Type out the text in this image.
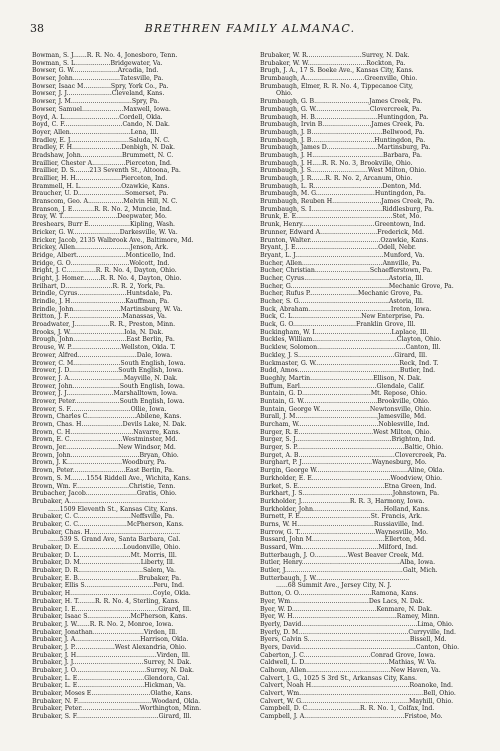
38	BRETHREN FAMILY ALMANAC.
Bowman, S. J.......R. R. No. 4, Jonesboro, Tenn.
Bowman, S. L..................Bridgewater, Va.
Bowser, G. W.......................Arcadia, Ind.
Bowser, John........................Tatesville, Pa.
Bowser, Isaac M..............Spry, York Co., Pa.
Bowser, J. J.......................Cleveland, Kans.
Bowser, J. M...............................Spry, Pa.
Bowser, Samuel.....................Maxwell, Iowa.
Boyd, A. L............................Cordell, Okla.
Boyd, C. F..............................Cando, N. Dak.
Boyer, Allen...............................Lena, Ill.
Bradley, E. J..............................Saluda, N. C.
Bradley, F. H.........................Denbigh, N. Dak.
Bradshaw, John.....................Brummett, N. C.
Braillier, Chester A.................Pierceton, Ind.
Braillier, D. S........213 Seventh St., Altoona, Pa.
Braillier, H. H.......................Pierceton, Ind.
Brammell, H. L.....................Ozawkie, Kans.
Braucher, U. D........................Somerset, Pa.
Branscom, Geo. A..................Melvin Hill, N. C.
Branson, J. E...........R. R. No. 2, Muncie, Ind.
Bray, W. T............................Deepwater, Mo.
Breshears, Burr E.....................Kipling, Wash.
Bricker, G. W........................Darkesville, W. Va.
Bricker, Jacob, 2135 Walbrook Ave., Baltimore, Md.
Brickey, Allen............................Jenson, Ark.
Bridge, Albert.........................Monticello, Ind.
Bridge, G. O..............................Wolcott, Ind.
Bright, J. C...............R. R. No. 4, Dayton, Ohio.
Bright, J. Homer.........R. R. No. 4, Dayton, Ohio.
Brilhart, D........................R. R. 2, York, Pa.
Brindle, Cyrus.........................Huntsdale, Pa.
Brindle, J. H............................Kauffman, Pa.
Brindle, John........................Martinsburg, W. Va.
Britton, J. F............................Manassas, Va.
Broadwater, J..................R. R., Preston, Minn.
Brooks, J. W............................Iola, N. Dak.
Brough, John...........................East Berlin, Pa.
Brouse, W. P..........................Wellston, Okla. T.
Brower, Alfred..............................Dale, Iowa.
Brower, C. M........................South English, Iowa.
Brower, J. D.........................South English, Iowa.
Brower, J. A............................Mayville, N. Dak.
Brower, John........................South English, Iowa.
Brower, J. J........................Marshalltown, Iowa.
Brower, Peter.......................South English, Iowa.
Brower, S. F...............................Ollie, Iowa.
Brown, Charles C.........................Abilene, Kans.
Brown, Chas. H.....................Devils Lake, N. Dak.
Brown, C. H................................Navarre, Kans.
Brown, E. C...........................Westminster, Md.
Brown, Jer...........................New Windsor, Md.
Brown, John...................................Bryan, Ohio.
Brown, J. K............................Woodbury, Pa.
Brown, Peter...........................East Berlin, Pa.
Brown, S. M........1554 Riddell Ave., Wichita, Kans.
Brown, Wm. F...........................Christie, Tenn.
Brubacher, Jacob..........................Gratis, Ohio.
Brubaker, A..................................................
......1509 Eleventh St., Kansas City, Kans.
Brubaker, C. C...........................Neffsville, Pa.
Brubaker, C. C.........................McPherson, Kans.
Brubaker, Chas. H..............................................
......539 S. Grand Ave, Santa Barbara, Cal.
Brubaker, D. E.......................Loudonville, Ohio.
Brubaker, D. L...........................Mt. Morris, Ill.
Brubaker, D. M...............................Liberty, Ill.
Brubaker, D. R.................................Salem, Va.
Brubaker, E. B...............................Brubaker, Pa.
Brubaker, Ellis S...................................Peru, Ind.
Brubaker, H..........................................Coyle, Okla.
Brubaker, H. T.........R. R. No. 4, Sterling, Kans.
Brubaker, I. E..........................................Girard, Ill.
Brubaker, Isaac S......................McPherson, Kans.
Brubaker, J. W.......R. R. No. 2, Monroe, Iowa.
Brubaker, Jonathan..........................Virden, Ill.
Brubaker, J. A.................................Harrison, Okla.
Brubaker, J. P.....................West Alexandria, Ohio.
Brubaker, J. H.........................................Virden, Ill.
Brubaker, J. J....................................Surrey, N. Dak.
Brubaker, J. O....................................Surrey, N. Dak.
Brubaker, L. E..................................Glendora, Cal.
Brubaker, L. E..................................Hickman, Va.
Brubaker, Moses E..............................Olathe, Kans.
Brubaker, N. F......................................Woodard, Okla.
Brubaker, Peter..............................Worthington, Minn.
Brubaker, S. F..........................................Girard, Ill.
Brubaker, W. R............................Surrey, N. Dak.
Brubaker, W. W..............................Rockton, Pa.
Brugh, J. A., 17 S. Boeke Ave., Kansas City, Kans.
Brumbaugh, A..............................Greenville, Ohio.
Brumbaugh, Elmer, R. R. No. 4, Tippecanoe City,
Ohio.
Brumbaugh, G. B............................James Creek, Pa.
Brumbaugh, G. W............................Clovercreek, Pa.
Brumbaugh, H. B................................Huntingdon, Pa.
Brumbaugh, Irvin B.........................James Creek, Pa.
Brumbaugh, J. B....................................Bellwood, Pa.
Brumbaugh, J. B................................Huntingdon, Pa.
Brumbaugh, James D..........................Martinsburg, Pa.
Brumbaugh, J. H....................................Barbara, Pa.
Brumbaugh, J. H.....R. R. No. 3, Brookville, Ohio.
Brumbaugh, J. S.............................West Milton, Ohio.
Brumbaugh, J. R.......R. R. No. 2, Arcanum, Ohio.
Brumbaugh, L. R...................................Denton, Md.
Brumbaugh, M. G..............................Huntingdon, Pa.
Brumbaugh, Reuben H.........................James Creek, Pa.
Brumbaugh, S. I....................................Riddlesburg, Pa.
Brunk, E. E.................................................Stet, Mo.
Brunk, Henry.....................................Greentown, Ind.
Brunner, Edward A.............................Frederick, Md.
Brunton, Walter....................................Ozawkie, Kans.
Bryant, J. E..........................................Odell, Nebr.
Bryant, L. J.............................................Munford, Va.
Bucher, Allen.........................................Annville, Pa.
Bucher, Christian............................Schaefferstown, Pa.
Bucher, Cyrus...........................................Astoria, Ill.
Bucher, G..................................................Mechanic Grove, Pa.
Bucher, Rufus P.........................Mechanic Grove, Pa.
Bucher, S. G..............................................Astoria, Ill.
Buck, Abraham..........................................Ireton, Iowa.
Buck, C. L...................................New Enterprise, Pa.
Buck, G. O................................Franklin Grove, Ill.
Buckingham, W. I.......................................Laplace, Ill.
Buckles, William...........................................Clayton, Ohio.
Bucklew, Solomon.............................................Canton, Ill.
Buckley, J. S.................................................Girard, Ill.
Buckmaster, G. W...........................................Reck, Ind. T.
Budd, Amos....................................................Butler, Ind.
Bueghly, Martin................................Ellison, N. Dak.
Buffum, Earl.......................................Glendale, Calif.
Buntain, G. D...................................Mt. Repose, Ohio.
Buntain, G. W......................................Brookville, Ohio.
Buntain, George W..........................Newtonsville, Ohio.
Burall, J. M..........................................Jamesville, Md.
Burcham, W.........................................Noblesville, Ind.
Burger, R. E......................................West Milton, Ohio.
Burger, S. J.................................................Brighton, Ind.
Burger, S. P.......................................................Baltic, Ohio.
Burget, A. B.................................................Clovercreek, Pa.
Burghart, P. J....................................Waynesburg, Mo.
Burgin, George W...............................................Aline, Okla.
Burkholder, E. E........................................Woodview, Ohio.
Burket, S. E............................................Etna Green, Ind.
Burkhart, J. S..............................................Johnstown, Pa.
Burkholder, J.........................R. R. 3, Harmony, Iowa.
Burkholder, John....................................Holland, Kans.
Burnett, F. E....................................St. Francis, Ark.
Burns, W. H.......................................Russiaville, Ind.
Burrow, G. T.......................................Waynesville, Mo.
Bussard, John M.....................................Ellerton, Md.
Bussard, Wm.......................................Milford, Ind.
Butterbaugh, J. O.................West Beaver Creek, Md.
Butler, Henry..................................................Alba, Iowa.
Butler, J............................................................Galt, Mich.
Butterbaugh, J. W................................................
......68 Summit Ave., Jersey City, N. J.
Button, O. O.....................................Ramona, Kans.
Byer, Wm........................................Des Lacs, N. Dak.
Byer, W. D...........................................Kenmare, N. Dak.
Byer, W. H.....................................................Ramey, Minn.
Byerly, David...........................................................Lima, Ohio.
Byerly, D. M........................................................Curryville, Ind.
Byers, Calvin S....................................................Bissell, Md.
Byers, David...........................................................Canton, Ohio.
Caberton, J. C..................................Conrad Grove, Iowa.
Caldwell, L. D...........................................Mathias, W. Va.
Calhoun, Allen...........................................New Haven, Va.
Calvert, J. G., 1025 S 3rd St., Arkansas City, Kans.
Calvert, Noah H..................................................Roanoke, Ind.
Calvert, Wm...............................................................Bell, Ohio.
Calvert, W. G.......................................................Mayhill, Ohio.
Campbell, D. C...........................R. R. No. 1, Colfax, Ind.
Campbell, J. A...................................................Fristoe, Mo.
